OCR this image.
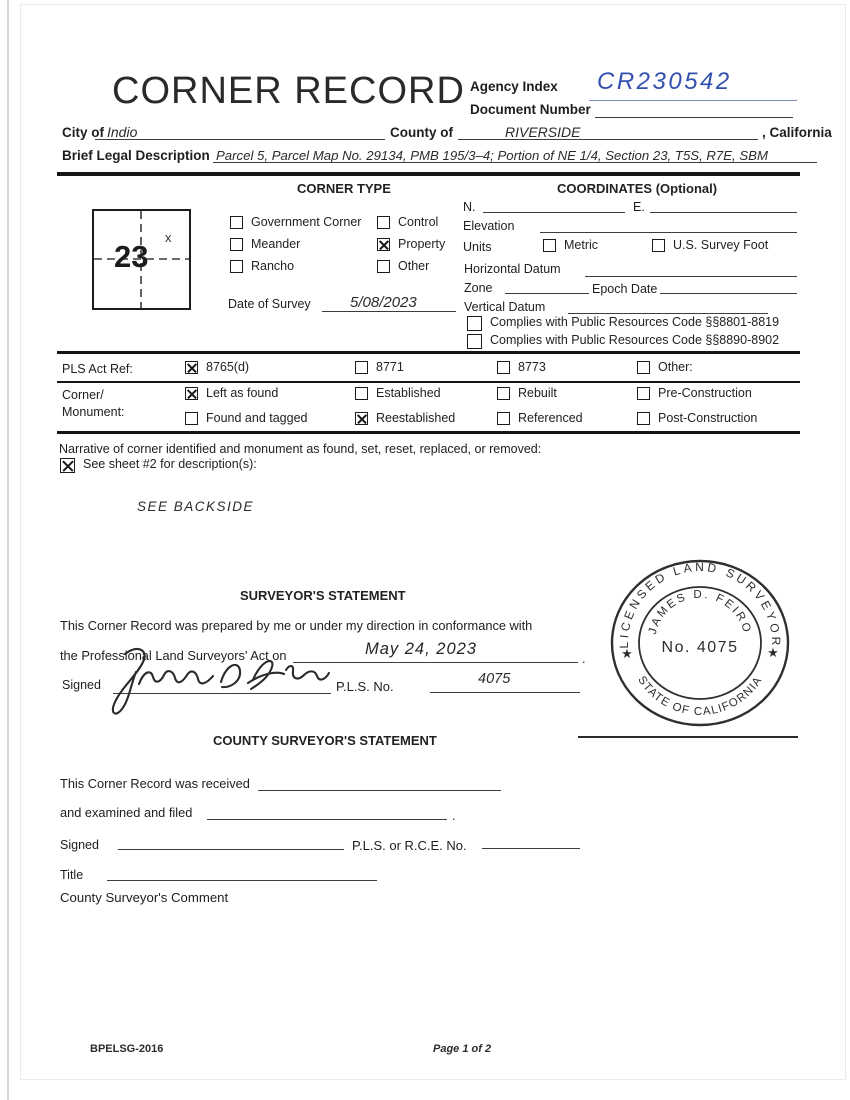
CORNER RECORD Agency Index CR230542
Document Number
City of Indio	County of	RIVERSIDE	, California
Brief Legal Description Parcel 5, Parcel Map No. 29134, PMB 195/3–4; Portion of NE 1/4, Section 23, T5S, R7E, SBM
CORNER TYPE
23
x
Government Corner
Meander
Rancho
Control
Property
Other
Date of Survey	5/08/2023
COORDINATES (Optional)
N.	E.
Elevation
Units	Metric	U.S. Survey Foot
Horizontal Datum
Zone	Epoch Date
Vertical Datum
Complies with Public Resources Code §§8801-8819
Complies with Public Resources Code §§8890-8902
PLS Act Ref:	8765(d)	8771	8773	Other:
Corner/
Monument:
Left as found	Established	Rebuilt	Pre-Construction
Found and tagged	Reestablished	Referenced	Post-Construction
Narrative of corner identified and monument as found, set, reset, replaced, or removed:
See sheet #2 for description(s):
SEE BACKSIDE
SURVEYOR'S STATEMENT
This Corner Record was prepared by me or under my direction in conformance with
the Professional Land Surveyors' Act on	May 24, 2023
.
Signed	P.L.S. No.	4075
LICENSED LAND SURVEYOR
JAMES D. FEIRO
No. 4075
STATE OF CALIFORNIA
★	★
COUNTY SURVEYOR'S STATEMENT
This Corner Record was received
and examined and filed	.
Signed	P.L.S. or R.C.E. No.
Title
County Surveyor's Comment
BPELSG-2016	Page 1 of 2
